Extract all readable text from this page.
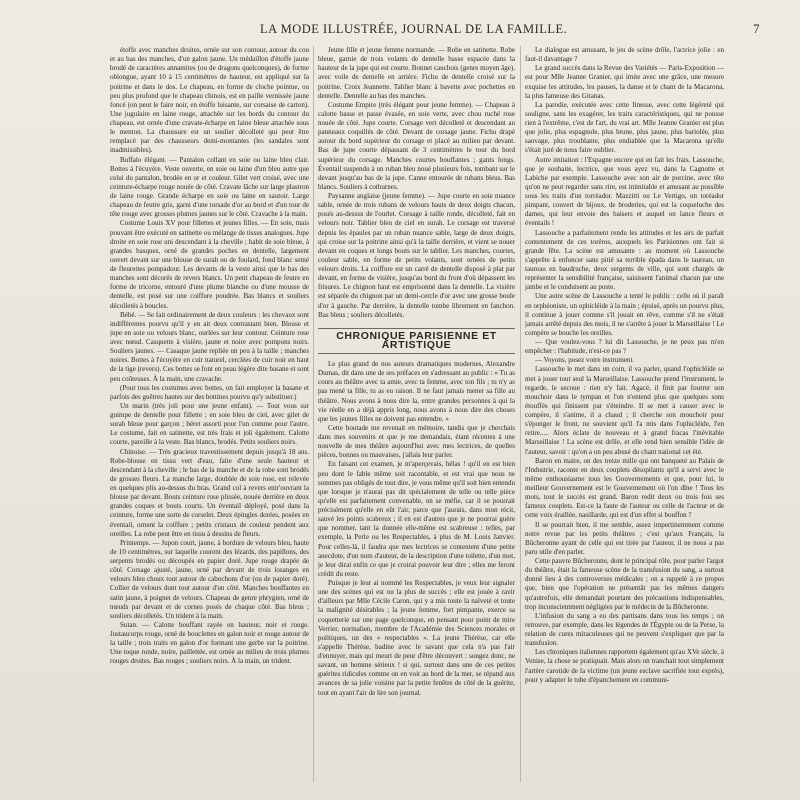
LA MODE ILLUSTRÉE, JOURNAL DE LA FAMILLE.	7

étoffe avec manches droites, ornée sur son contour, autour du cou et au bas des manches, d'un galon jaune. Un médaillon d'étoffe jaune brodé de caractères annamites (ou de dragons quelconques), de forme oblongue, ayant 10 à 15 centimètres de hauteur, est appliqué sur la poitrine et dans le dos. Le chapeau, en forme de cloche pointue, ou peu plus profond que le chapeau chinois, est en paille vernissée jaune foncé (on peut le faire noir, en étoffe luisante, sur corsaise de carton). Une jugulaire en laine rouge, attachée sur les bords du contour du chapeau, est ornée d'une cravate-écharpe en laine bleue attachée sous le menton. La chaussure est un soulier décolleté qui peut être remplacé par des chausseurs demi-montantes (les sandales sont inadmissibles).

Buffalo élégant. — Pantalon collant en soie ou laine bleu clair. Bottes à l'écuyère. Veste ouverte, en soie ou laine d'un bleu autre que celui du pantalon, brodée en or et couleur. Gilet vert croisé, avec une ceinture-écharpe rouge nouée de côté. Cravate lâche sur large plastron de laine rouge. Grande écharpe en soie ou laine en sautoir. Large chapeau de feutre gris, garni d'une torsade d'or au bord et d'un tour de tête rouge avec grosses plumes jaunes sur le côté. Cravache à la main.

Costume Louis XV pour fillettes et jeunes filles. — En soie, mais pouvant être exécuté en satinette ou mélange de tissus analogues. Jupe droite en soie rose uni descendant à la cheville ; habit de soie bleue, à grandes basques, orné de grandes poches en dentelle, largement ouvert devant sur une blouse de surah ou de foulard, fond blanc semé de fleurettes pompadour. Les devants de la veste ainsi que le bas des manches sont décorés de revers blancs. Un petit chapeau de feutre en forme de tricorne, entouré d'une plume blanche ou d'une mousse de dentelle, est posé sur une coiffure poudrée. Bas blancs et souliers décolletés à boucles.

Bébé. — Se fait ordinairement de deux couleurs : les chevaux sont indifférentes pourvu qu'il y en ait deux contrastant bien. Blouse et jupe en soie ou velours blanc, ourlées sur leur contour. Ceinture rose avec nœud. Casquette à visière, jaune et noire avec pompons noirs. Souliers jaunes. — Casaque jaune repliée un peu à la taille ; manches noires. Bottes à l'écuyère en cuir naturel, cerclées de cuir noir en haut de la tige (revers). Ces bottes se font en peau légère dite basane et sont peu coûteuses. À la main, une cravache.

(Pour tous les costumes avec bottes, on fait employer la basane et parfois des guêtres hautes sur des bottines pourvu qu'y substituer.)

Un marin (très joli pour une jeune enfant). — Tout vous sur guimpe de dentelle pour fillette ; en soie bleu de ciel, avec gilet de surah bleue pour garçon ; béret assorti pour l'un comme pour l'autre. Le costume, fait en satinette, est très frais et joli également. Calotte courte, pareille à la veste. Bas blancs, brodés. Petits souliers noirs.

Chinoise. — Très gracieux travestissement depuis jusqu'à 18 ans. Robe-blouse en tissu vert d'eau, faite d'une seule hauteur et descendant à la cheville ; le bas de la manche et de la robe sont brodés de grosses fleurs. La manche large, doublée de soie rose, est relevée en quelques plis au-dessus du bras. Grand col à revers entr'ouvrant la blouse par devant. Bouts ceinture rose plissée, nouée derrière en deux grandes coques et bouts courts. Un éventail déployé, posé dans la ceinture, forme une sorte de corselet. Deux épingles dorées, posées en éventail, ornent la coiffure ; petits cristaux de couleur pendent aux oreilles. La robe peut être en tissu à dessins de fleurs.

Printemps. — Jupon court, jaune, à bordure de velours bleu, haute de 10 centimètres, sur laquelle courent des lézards, des papillons, des serpents brodés ou découpés en papier doré. Jupe rouge drapée de côté. Corsage ajusté, jaune, orné par devant de trois losanges en velours bleu choux tout autour de cabochons d'or (ou de papier doré). Collier de velours dont tout autour d'un côté. Manches bouffantes en satin jaune, à poignet de velours. Chapeau de genre phrygien, orné de nœuds par devant et de cornes posés de chaque côté. Bas bleus ; souliers décolletés. Un trident à la main.

Sutan. — Calotte bouffant rayée en hauteur, noir et rouge. Justaucorps rouge, orné de bouclettes en galon noir et rouge autour de la taille ; trois traits en galon d'or formant une gerbe sur la poitrine. Une toque ronde, noire, paillettée, est ornée au milieu de trois plumes rouges droites. Bas rouges ; souliers noirs. À la main, un trident.

Jeune fille et jeune femme normande. — Robe en satinette. Robe bleue, garnie de trois volants de dentelle basse espacée dans la hauteur de la jupe qui est courte. Bonnet cauchois (genre moyen âge), avec voile de dentelle en arrière. Fichu de dentelle croisé sur la poitrine. Croix Jeannette. Tablier blanc à bavette avec pochettes en dentelle. Dentelle au bas des manches.

Costume Empire (très élégant pour jeune femme). — Chapeau à calotte basse et passe évasée, en soie verte, avec chou ruché rose nouée de côté. Jupe courte. Corsage vert décolleté et descendant au panneaux coquillés de côté. Devant de corsage jaune. Fichu drapé autour du bord supérieur du corsage et placé au milieu par devant. Bas de jupe courte dépassant de 3 centimètres le tour du bord supérieur du corsage. Manches courtes bouffantes ; gants longs. Éventail suspendu à un ruban bleu noué plusieurs fois, tombant sur le devant jusqu'au bas de la jupe. Canne entourée de rubans bleus. Bas blancs. Souliers à cothurnes.

Paysanne anglaise (jeune femme). — Jupe courte en soie nuance sable, ornée de trois rubans de velours hauts de deux doigts chacun, posés au-dessus de l'ourlet. Corsage à taille ronde, décolleté, fait en velours noir. Tablier bleu de ciel en surah. Le corsage est traversé depuis les épaules par un ruban nuance sable, large de deux doigts, qui croise sur la poitrine ainsi qu'à la taille derrière, et vient se nouer devant en coques et longs bouts sur le tablier. Les manches, courtes, couleur sable, en forme de petits volants, sont ornées de petits velours droits. La coiffure est un carré de dentelle disposé à plat par devant, en forme de visière, jusqu'au bord du front d'où dépassent les frisures. Le chignon haut est emprisonné dans la dentelle. La visière est séparée du chignon par un demi-cercle d'or avec une grosse boule d'or à gauche. Par derrière, la dentelle tombe librement en fanchon. Bas bleus ; souliers décolletés.

CHRONIQUE PARISIENNE ET ARTISTIQUE

Le plus grand de nos auteurs dramatiques modernes, Alexandre Dumas, dit dans une de ses préfaces en s'adressant au public : « Tu as cours au théâtre avec ta amie, avec ta femme, avec ton fils ; tu n'y as pas mené ta fille, tu as eu raison. Il ne faut jamais mener sa fille au théâtre. Nous avons à nous dire la, entre grandes personnes à qui la vie réelle en a déjà appris long, nous avons à nous dire des choses que les jeunes filles ne doivent pas entendre. »

Cette boutade me revenait en mémoire, tandis que je cherchais dans mes souvenirs et que je me demandais, étant récentes à une nouvelle de mes théâtre aujourd'hui avec mes lectrices, de quelles pièces, bonnes ou mauvaises, j'allais leur parler.

En faisant cet examen, je m'aperçevais, hélas ! qu'il en est bien peu dont le fable même soit racontable, et est vrai que nous ne sommes pas obligés de tout dire, je vous même qu'il soit bien entendu que lorsque je n'aurai pas dit spécialement de telle ou telle pièce qu'elle est parfaitement convenable, on se méfie, car il se pourrait précisément qu'elle en eût l'air, parce que j'aurais, dans mon récit, sauvé les points scabreux ; il en est d'autres que je ne pourrai guère que nommer, tant la donnée elle-même est scabreuse : telles, par exemple, la Perle ou les Respectables, à plus de M. Louis Janvier. Pour celles-là, il faudra que mes lectrices se contentent d'une petite anecdote, d'un nom d'auteur, de la description d'une toilette, d'un mot, je leur dirai enfin ce que je croirai pouvoir leur dire ; elles me feront crédit du reste.

Puisque je leur ai nommé les Respectables, je veux leur signaler une des scènes qui est ou la plus de succès ; elle est jouée à ravir d'ailleurs par Mlle Cécile Caron, qui y a mis toute la naïveté et toute la malignité désirables ; la jeune femme, fort pimpante, exerce sa coquetterie sur une page quelconque, en pensant pour point de mire Verrier, normalien, membre de l'Académie des Sciences morales et politiques, un des « respectables ». La jeune Thérèse, car elle s'appelle Thérèse, badine avec le savant que cela n'a pas l'air d'ennuyer, mais qui meurt de peur d'être découvert : songez donc, ne savant, un homme sérieux ! si qui, surtout dans une de ces petites guérites ridicules comme on en voit au bord de la mer, se répand aux avances de sa jolie voisine par la petite fenêtre de côté de la guérite, tout en ayant l'air de lire son journal.

Le dialogue est amusant, le jeu de scène drôle, l'actrice jolie : en faut-il davantage ?

Le grand succès dans la Revue des Variétés — Paris-Exposition — est pour Mlle Jeanne Granier, qui imite avec une grâce, une mesure exquise les attitudes, les pauses, la danse et le chant de la Macarona, la plus fameuse des Gitanas.

La parodie, exécutée avec cette finesse, avec cette légèreté qui souligne, sans les exagérer, les traits caractéristiques, qui ne pousse rien à l'extrême, c'est de l'art, du vrai art. Mlle Jeanne Granier est plus que jolie, plus espagnole, plus brune, plus jaune, plus bariolée, plus sauvage, plus troublante, plus endiablée que la Macarona qu'elle s'était juré de nous faire oublier.

Autre imitation : l'Espagne encore qui en fait les frais. Lassouche, que je souhaite, lectrice, que vous ayez vu, dans la Cagnotte et Labiche par exemple. Lassouche avec son air de porcine, avec tête qu'on ne peut regarder sans rire, est inimitable et amusant au possible sous les traits d'un torréador. Mazzitti ou Le Vertigo, un toréador pimpant, couvert de bijoux, de broderies, qui est la coqueluche des dames, qui leur envoie des baisers et auquel on lance fleurs et éventails !

Lassouche a parfaitement rendu les attitudes et les airs de parfait contentement de ces toréros, auxquels les Parisiennes ont fait si grande fête. La scène est amusante : au moment où Lassouche s'apprête à enfoncer sans pitié sa terrible épada dans le taureau, un taureau en baudruche, deux sergents de ville, qui sont chargés de représenter la sensibilité française, saisissent l'animal chacun par une jambe et le conduisent au poste.

Une autre scène de Lassouche a tenté le public : celle où il paraît en orphéoniste, un ophicléide à la main ; épuisé, après un pourvu plus, il continue à jouer comme s'il jouait en rêve, comme s'il ne s'était jamais arrêté depuis des mois, il ne s'arrête à jouer la Marseillaise ! Le compère se bouche les oreilles.

— Que voulez-vous ? lui dit Lassouche, je ne peux pas m'en empêcher : l'habitude, n'est-ce pas ?

— Voyons, posez votre instrument.

Lassouche le met dans un coin, il va parler, quand l'ophicléide se met à jouer tout seul la Marseillaise. Lassouche prend l'instrument, le regarde, le secoue : rien n'y fait. Agacé, il finit par fourrer son mouchoir dans le tympan et l'on n'entend plus que quelques sons étouffés qui finissent par s'éteindre. Il se met à causer avec le compère, il s'anime, il a chaud ; il cherche son mouchoir pour s'éponger le front, ne souvient qu'il l'a mis dans l'ophicléide, l'en retire..... Alors éclate de nouveau et à grand fracas l'inévitable Marseillaise ! La scène est drôle, et elle rend bien sensible l'idée de l'auteur, savoir : qu'on a un peu abusé du chant national cet été.

Baron en maire, on des treize mille qui ont banqueté au Palais de l'Industrie, raconte en deux couplets désopilants qu'il a servi avec le même enthousiasme tous les Gouvernements et que, pour lui, le meilleur Gouvernement est le Gouvernement où l'on dîne ! Tous les mots, tout le succès est grand. Baron redit deux ou trois fois ses fameux couplets. Est-ce la faute de l'auteur ou celle de l'acteur et de cette voix éraillée, nasillarde, qui est d'un effet si bouffon ?

Il se pourrait bien, il me semble, assez impertinemment comme notre revue par les petits théâtres ; c'est qu'aux Français, la Bûcheronne ayant de celle qui est tirée par l'auteur, il ne nous a pas paru utile d'en parler.

Cette pauvre Bûcheronne, dont le principal rôle, pour parler l'argot du théâtre, était la fameuse scène de la transfusion du sang, a surtout donné lieu à des controverses médicales ; on a rappelé à ce propos que, bien que l'opération ne présentât pas les mêmes dangers qu'autrefois, elle demandait pourtant des précautions indispensables, trop inconsciemment négligées par le médecin de la Bûcheronne.

L'infusion du sang a eu des partisans dans tous les temps ; on retrouve, par exemple, dans les légendes de l'Égypte ou de la Perse, la relation de cures miraculeuses qui ne peuvent s'expliquer que par la transfusion.

Les chroniques italiennes rapportent également qu'au XVe siècle, à Venise, la chose se pratiquait. Mais alors on tranchait tout simplement l'artère carotide de la victime (un jeune esclave sacrifiée tout exprès), pour y adapter le tube d'épanchement en communi-
